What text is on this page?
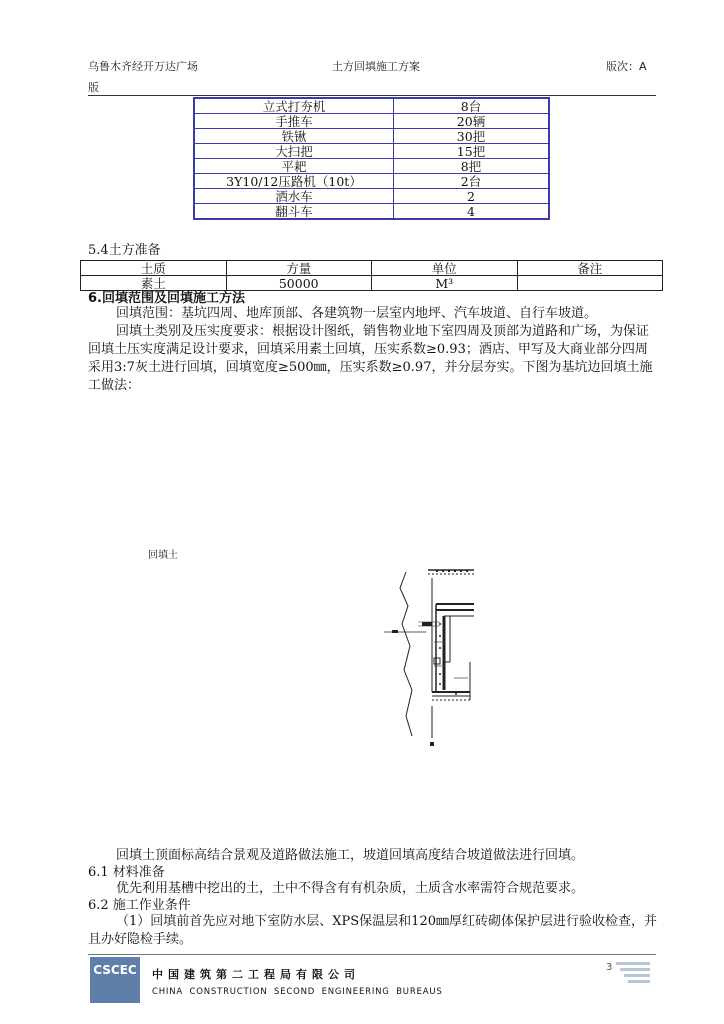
乌鲁木齐经开万达广场	土方回填施工方案	版次：A
版
立式打夯机	8台
手推车	20辆
铁锹	30把
大扫把	15把
平耙	8把
3Y10/12压路机（10t）	2台
洒水车	2
翻斗车	4
5.4土方准备
土质	方量	单位	备注
素土	50000	M³	
6.回填范围及回填施工方法
回填范围：基坑四周、地库顶部、各建筑物一层室内地坪、汽车坡道、自行车坡道。
回填土类别及压实度要求：根据设计图纸，销售物业地下室四周及顶部为道路和广场，为保证回填土压实度满足设计要求，回填采用素土回填，压实系数≥0.93；酒店、甲写及大商业部分四周采用3:7灰土进行回填，回填宽度≥500㎜，压实系数≥0.97，并分层夯实。下图为基坑边回填土施工做法：
回填土
回填土顶面标高结合景观及道路做法施工，坡道回填高度结合坡道做法进行回填。
6.1 材料准备
优先利用基槽中挖出的土，土中不得含有有机杂质，土质含水率需符合规范要求。
6.2 施工作业条件
（1）回填前首先应对地下室防水层、XPS保温层和120㎜厚红砖砌体保护层进行验收检查，并且办好隐检手续。
CSCEC 中国建筑第二工程局有限公司
CHINA CONSTRUCTION SECOND ENGINEERING BUREAUS
3
